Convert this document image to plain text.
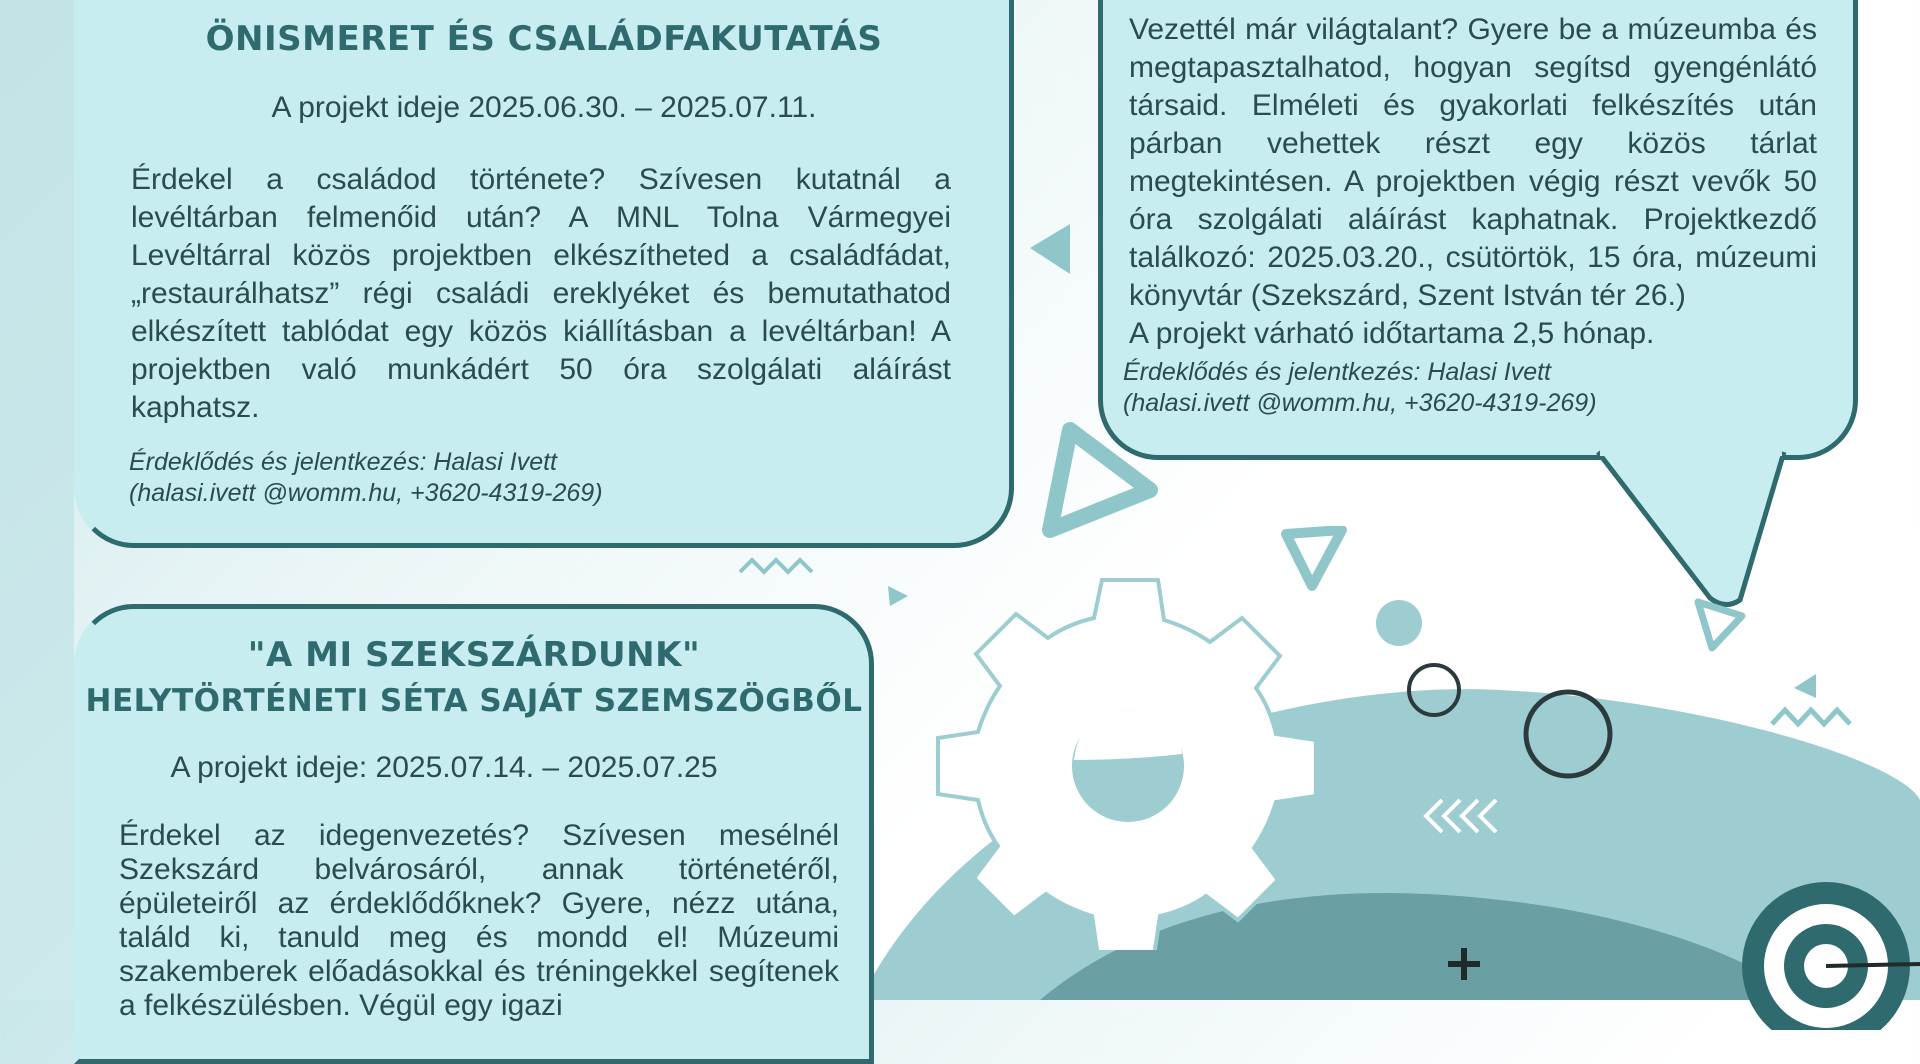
ÖNISMERET ÉS CSALÁDFAKUTATÁS
A projekt ideje 2025.06.30. – 2025.07.11.
Érdekel a családod története? Szívesen kutatnál a levéltárban felmenőid után? A MNL Tolna Vármegyei Levéltárral közös projektben elkészítheted a családfádat, „restaurálhatsz” régi családi ereklyéket és bemutathatod elkészített tablódat egy közös kiállításban a levéltárban! A projektben való munkádért 50 óra szolgálati aláírást kaphatsz.
Érdeklődés és jelentkezés: Halasi Ivett
(halasi.ivett @womm.hu, +3620-4319-269)
Vezettél már világtalant? Gyere be a múzeumba és megtapasztalhatod, hogyan segítsd gyengénlátó társaid. Elméleti és gyakorlati felkészítés után párban vehettek részt egy közös tárlat megtekintésen. A projektben végig részt vevők 50 óra szolgálati aláírást kaphatnak. Projektkezdő találkozó: 2025.03.20., csütörtök, 15 óra, múzeumi könyvtár (Szekszárd, Szent István tér 26.)
A projekt várható időtartama 2,5 hónap.
Érdeklődés és jelentkezés: Halasi Ivett
(halasi.ivett @womm.hu, +3620-4319-269)
"A MI SZEKSZÁRDUNK"
HELYTÖRTÉNETI SÉTA SAJÁT SZEMSZÖGBŐL
A projekt ideje: 2025.07.14. – 2025.07.25
Érdekel az idegenvezetés? Szívesen mesélnél Szekszárd belvárosáról, annak történetéről, épületeiről az érdeklődőknek? Gyere, nézz utána, találd ki, tanuld meg és mondd el! Múzeumi szakemberek előadásokkal és tréningekkel segítenek a felkészülésben. Végül egy igazi
